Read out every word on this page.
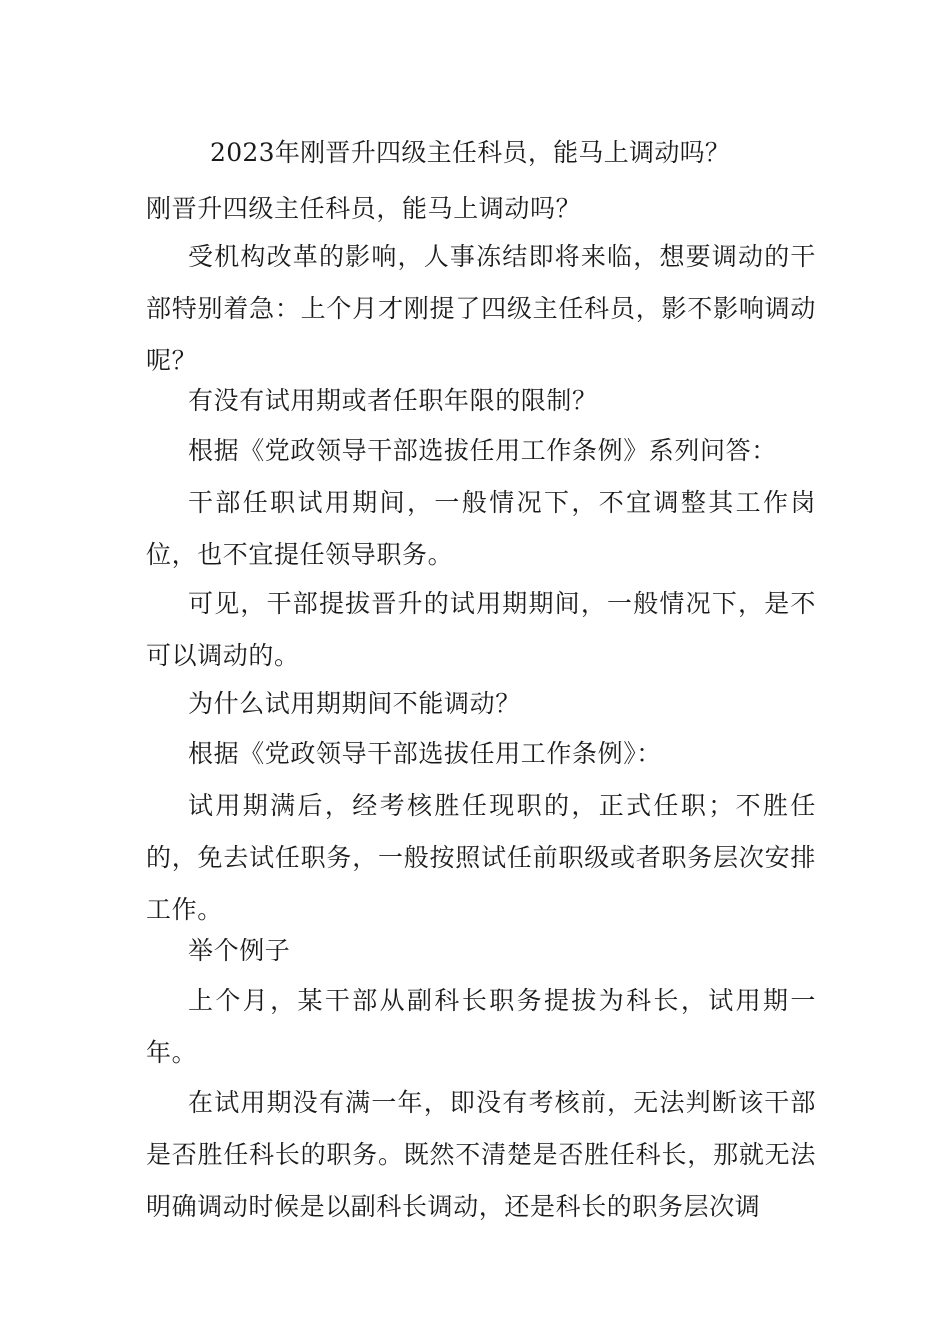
2023年刚晋升四级主任科员，能马上调动吗？

刚晋升四级主任科员，能马上调动吗？

受机构改革的影响，人事冻结即将来临，想要调动的干部特别着急：上个月才刚提了四级主任科员，影不影响调动呢？

有没有试用期或者任职年限的限制？

根据《党政领导干部选拔任用工作条例》系列问答：

干部任职试用期间，一般情况下，不宜调整其工作岗位，也不宜提任领导职务。

可见，干部提拔晋升的试用期期间，一般情况下，是不可以调动的。

为什么试用期期间不能调动？

根据《党政领导干部选拔任用工作条例》：

试用期满后，经考核胜任现职的，正式任职；不胜任的，免去试任职务，一般按照试任前职级或者职务层次安排工作。

举个例子

上个月，某干部从副科长职务提拔为科长，试用期一年。

在试用期没有满一年，即没有考核前，无法判断该干部是否胜任科长的职务。既然不清楚是否胜任科长，那就无法明确调动时候是以副科长调动，还是科长的职务层次调
